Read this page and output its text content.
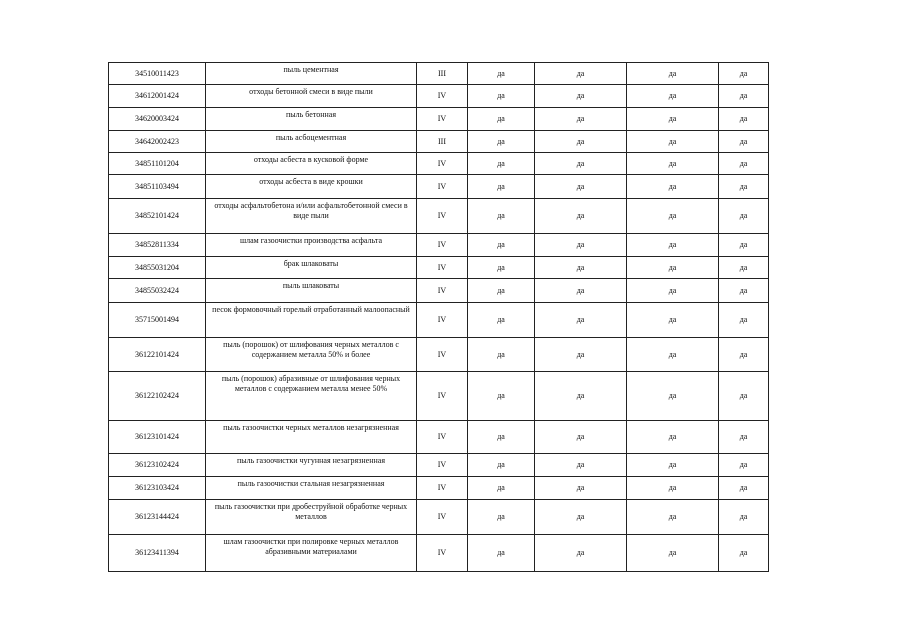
34510011423	пыль цементная	III	да	да	да	да
34612001424	отходы бетонной смеси в виде пыли	IV	да	да	да	да
34620003424	пыль бетонная	IV	да	да	да	да
34642002423	пыль асбоцементная	III	да	да	да	да
34851101204	отходы асбеста в кусковой форме	IV	да	да	да	да
34851103494	отходы асбеста в виде крошки	IV	да	да	да	да
34852101424	отходы асфальтобетона и/или асфальтобетонной смеси в виде пыли	IV	да	да	да	да
34852811334	шлам газоочистки производства асфальта	IV	да	да	да	да
34855031204	брак шлаковаты	IV	да	да	да	да
34855032424	пыль шлаковаты	IV	да	да	да	да
35715001494	песок формовочный горелый отработанный малоопасный	IV	да	да	да	да
36122101424	пыль (порошок) от шлифования черных металлов с содержанием металла 50% и более	IV	да	да	да	да
36122102424	пыль (порошок) абразивные от шлифования черных металлов с содержанием металла менее 50%	IV	да	да	да	да
36123101424	пыль газоочистки черных металлов незагрязненная	IV	да	да	да	да
36123102424	пыль газоочистки чугунная незагрязненная	IV	да	да	да	да
36123103424	пыль газоочистки стальная незагрязненная	IV	да	да	да	да
36123144424	пыль газоочистки при дробеструйной обработке черных металлов	IV	да	да	да	да
36123411394	шлам газоочистки при полировке черных металлов абразивными материалами	IV	да	да	да	да
